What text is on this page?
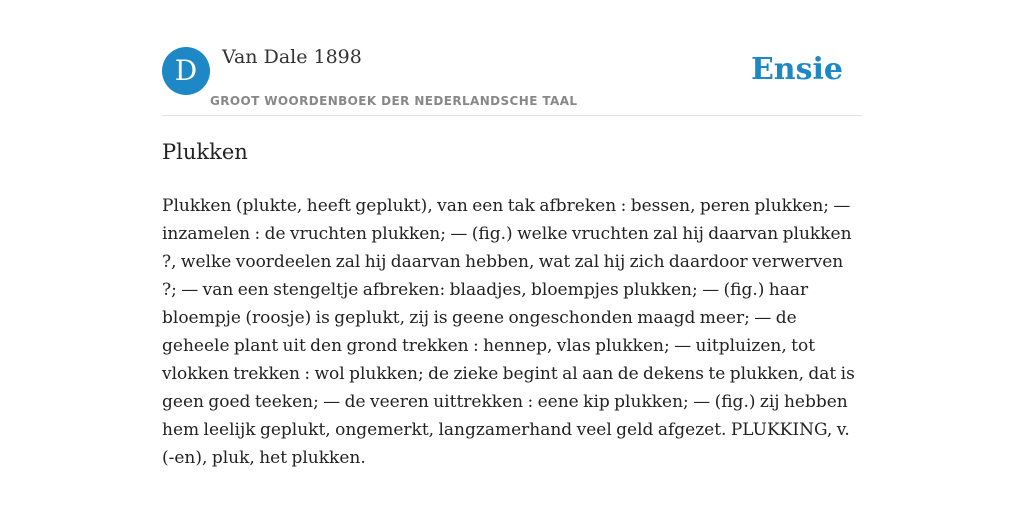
D	Van Dale 1898
GROOT WOORDENBOEK DER NEDERLANDSCHE TAAL
Ensie
Plukken

Plukken (plukte, heeft geplukt), van een tak afbreken : bessen, peren plukken; — inzamelen : de vruchten plukken; — (fig.) welke vruchten zal hij daarvan plukken ?, welke voordeelen zal hij daarvan hebben, wat zal hij zich daardoor verwerven ?; — van een stengeltje afbreken: blaadjes, bloempjes plukken; — (fig.) haar bloempje (roosje) is geplukt, zij is geene ongeschonden maagd meer; — de geheele plant uit den grond trekken : hennep, vlas plukken; — uitpluizen, tot vlokken trekken : wol plukken; de zieke begint al aan de dekens te plukken, dat is geen goed teeken; — de veeren uittrekken : eene kip plukken; — (fig.) zij hebben hem leelijk geplukt, ongemerkt, langzamerhand veel geld afgezet. PLUKKING, v. (-en), pluk, het plukken.
